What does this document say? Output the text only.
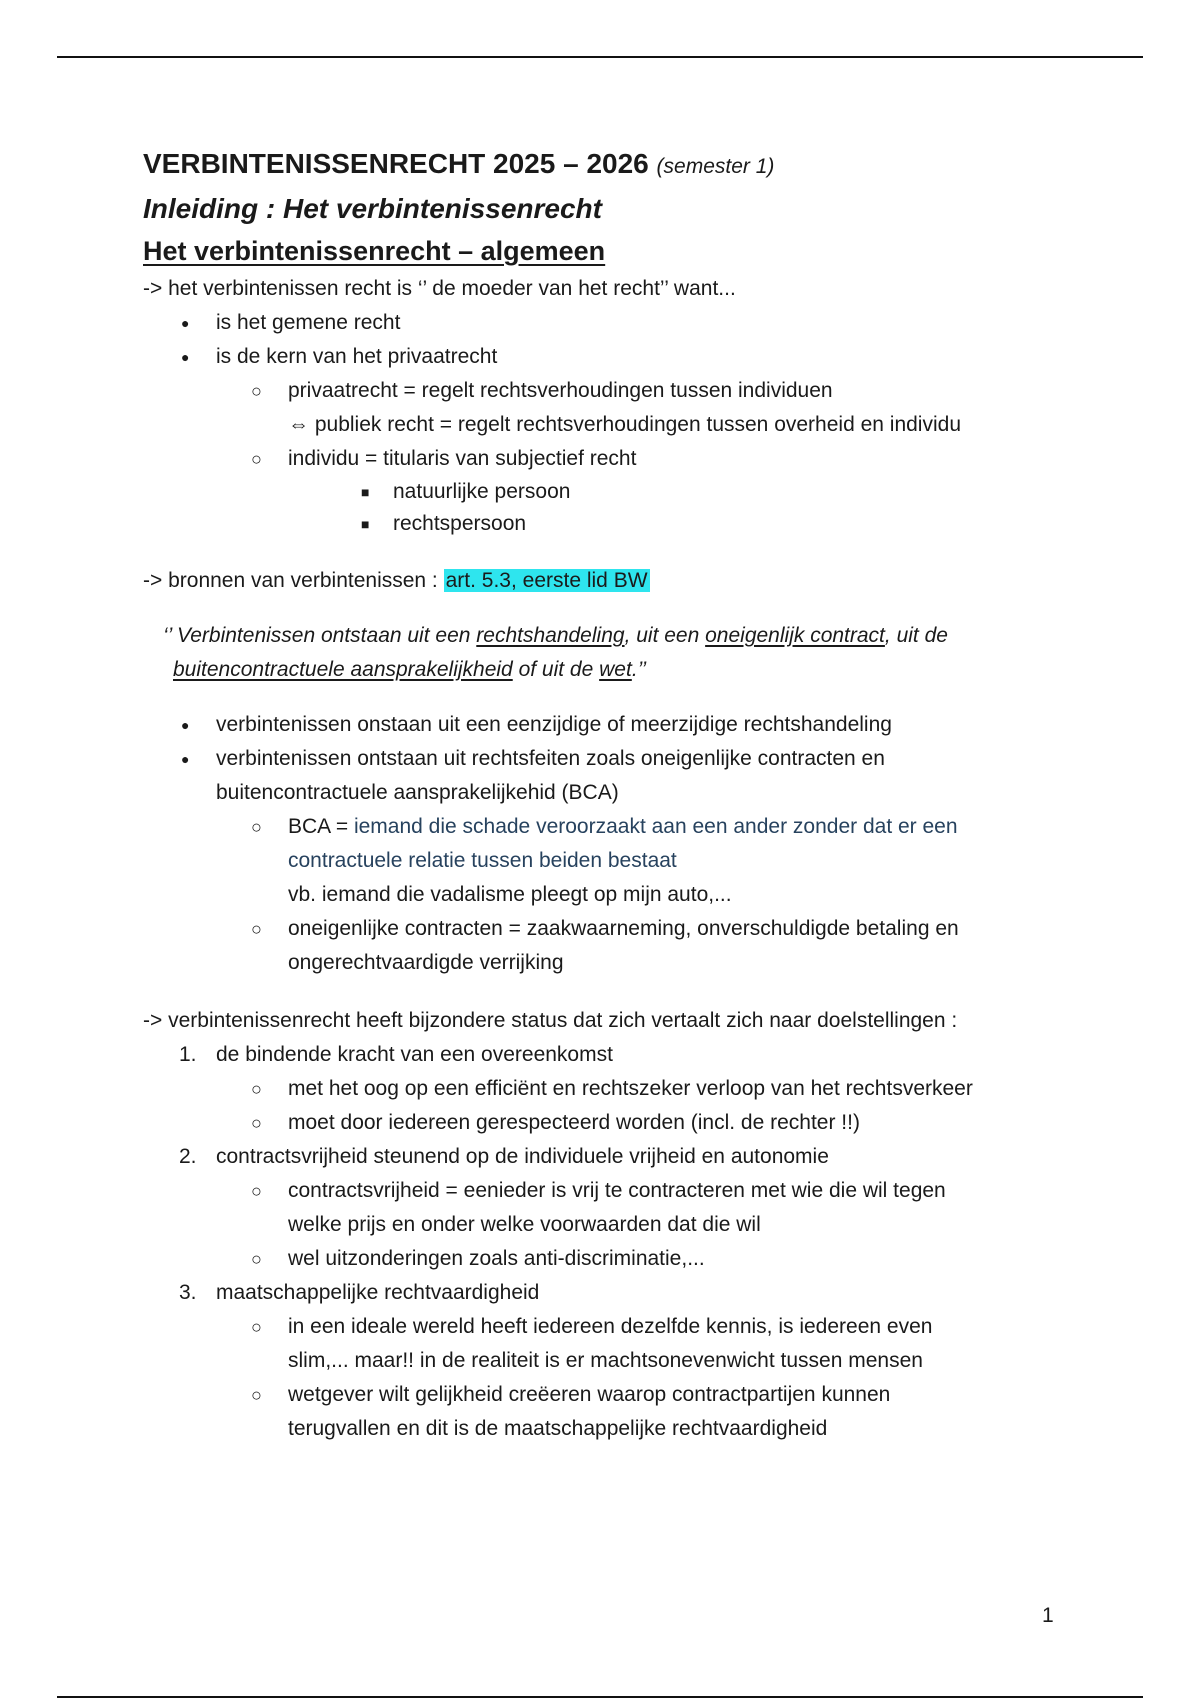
VERBINTENISSENRECHT 2025 – 2026 (semester 1)
Inleiding : Het verbintenissenrecht
Het verbintenissenrecht – algemeen

-> het verbintenissen recht is ‘’ de moeder van het recht’’ want...

● is het gemene recht
● is de kern van het privaatrecht
○ privaatrecht = regelt rechtsverhoudingen tussen individuen
⇔ publiek recht = regelt rechtsverhoudingen tussen overheid en individu
○ individu = titularis van subjectief recht
■ natuurlijke persoon
■ rechtspersoon

-> bronnen van verbintenissen : art. 5.3, eerste lid BW

‘’ Verbintenissen ontstaan uit een rechtshandeling, uit een oneigenlijk contract, uit de
buitencontractuele aansprakelijkheid of uit de wet.’’

● verbintenissen onstaan uit een eenzijdige of meerzijdige rechtshandeling
● verbintenissen ontstaan uit rechtsfeiten zoals oneigenlijke contracten en
buitencontractuele aansprakelijkehid (BCA)
○ BCA = iemand die schade veroorzaakt aan een ander zonder dat er een
contractuele relatie tussen beiden bestaat
vb. iemand die vadalisme pleegt op mijn auto,...
○ oneigenlijke contracten = zaakwaarneming, onverschuldigde betaling en
ongerechtvaardigde verrijking

-> verbintenissenrecht heeft bijzondere status dat zich vertaalt zich naar doelstellingen :

1. de bindende kracht van een overeenkomst
○ met het oog op een efficiënt en rechtszeker verloop van het rechtsverkeer
○ moet door iedereen gerespecteerd worden (incl. de rechter !!)
2. contractsvrijheid steunend op de individuele vrijheid en autonomie
○ contractsvrijheid = eenieder is vrij te contracteren met wie die wil tegen
welke prijs en onder welke voorwaarden dat die wil
○ wel uitzonderingen zoals anti-discriminatie,...
3. maatschappelijke rechtvaardigheid
○ in een ideale wereld heeft iedereen dezelfde kennis, is iedereen even
slim,... maar!! in de realiteit is er machtsonevenwicht tussen mensen
○ wetgever wilt gelijkheid creëeren waarop contractpartijen kunnen
terugvallen en dit is de maatschappelijke rechtvaardigheid
1
